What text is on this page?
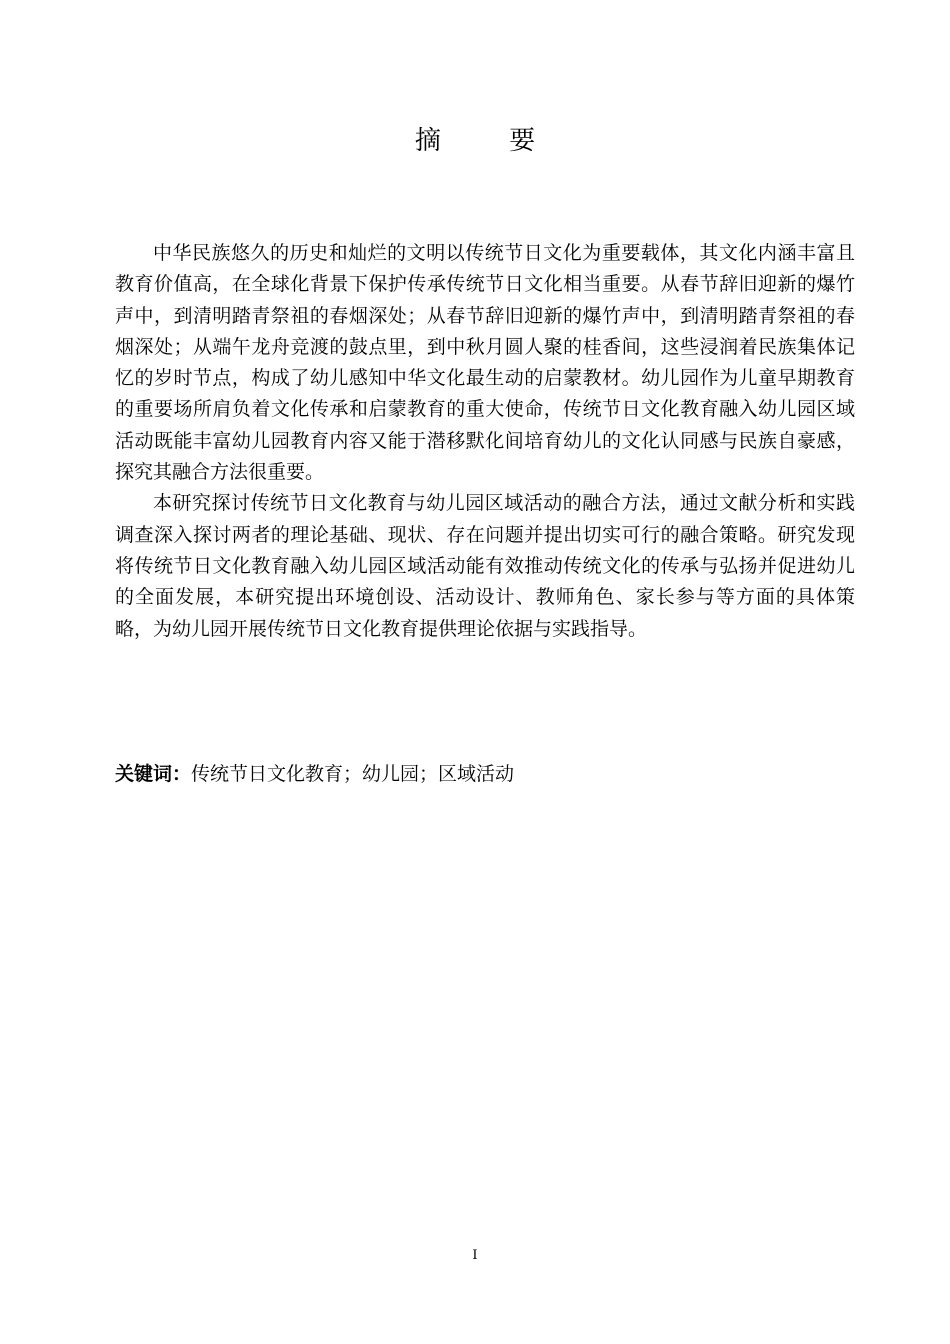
摘 要

中华民族悠久的历史和灿烂的文明以传统节日文化为重要载体，其文化内涵丰富且教育价值高，在全球化背景下保护传承传统节日文化相当重要。从春节辞旧迎新的爆竹声中，到清明踏青祭祖的春烟深处；从春节辞旧迎新的爆竹声中，到清明踏青祭祖的春烟深处；从端午龙舟竞渡的鼓点里，到中秋月圆人聚的桂香间，这些浸润着民族集体记忆的岁时节点，构成了幼儿感知中华文化最生动的启蒙教材。幼儿园作为儿童早期教育的重要场所肩负着文化传承和启蒙教育的重大使命，传统节日文化教育融入幼儿园区域活动既能丰富幼儿园教育内容又能于潜移默化间培育幼儿的文化认同感与民族自豪感，探究其融合方法很重要。

本研究探讨传统节日文化教育与幼儿园区域活动的融合方法，通过文献分析和实践调查深入探讨两者的理论基础、现状、存在问题并提出切实可行的融合策略。研究发现将传统节日文化教育融入幼儿园区域活动能有效推动传统文化的传承与弘扬并促进幼儿的全面发展，本研究提出环境创设、活动设计、教师角色、家长参与等方面的具体策略，为幼儿园开展传统节日文化教育提供理论依据与实践指导。

关键词：传统节日文化教育；幼儿园；区域活动
I
